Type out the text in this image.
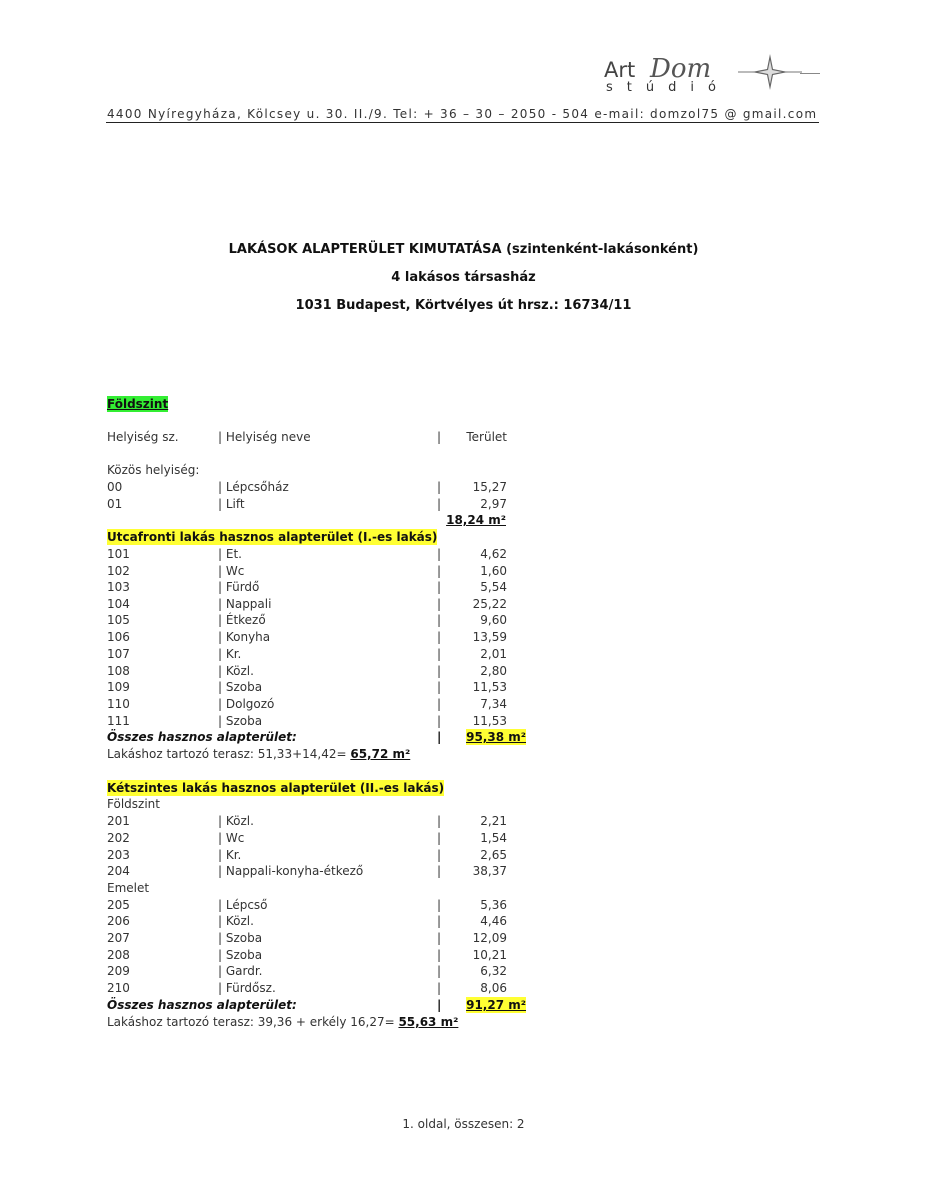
Art Dom
stúdió
4400 Nyíregyháza, Kölcsey u. 30. II./9. Tel: + 36 – 30 – 2050 - 504 e-mail: domzol75 @ gmail.com
LAKÁSOK ALAPTERÜLET KIMUTATÁSA (szintenként-lakásonként)
4 lakásos társasház
1031 Budapest, Körtvélyes út hrsz.: 16734/11
Földszint
Helyiség sz.	| Helyiség neve	|	Terület
Közös helyiség:
00	| Lépcsőház	|	15,27
01	| Lift	|	2,97
18,24 m²
Utcafronti lakás hasznos alapterület (I.-es lakás)
101	| Et.	|	4,62
102	| Wc	|	1,60
103	| Fürdő	|	5,54
104	| Nappali	|	25,22
105	| Étkező	|	9,60
106	| Konyha	|	13,59
107	| Kr.	|	2,01
108	| Közl.	|	2,80
109	| Szoba	|	11,53
110	| Dolgozó	|	7,34
111	| Szoba	|	11,53
Összes hasznos alapterület:	| 95,38 m²
Lakáshoz tartozó terasz: 51,33+14,42= 65,72 m²
Kétszintes lakás hasznos alapterület (II.-es lakás)
Földszint
201	| Közl.	|	2,21
202	| Wc	|	1,54
203	| Kr.	|	2,65
204	| Nappali-konyha-étkező	|	38,37
Emelet
205	| Lépcső	|	5,36
206	| Közl.	|	4,46
207	| Szoba	|	12,09
208	| Szoba	|	10,21
209	| Gardr.	|	6,32
210	| Fürdősz.	|	8,06
Összes hasznos alapterület:	| 91,27 m²
Lakáshoz tartozó terasz: 39,36 + erkély 16,27= 55,63 m²
1. oldal, összesen: 2
